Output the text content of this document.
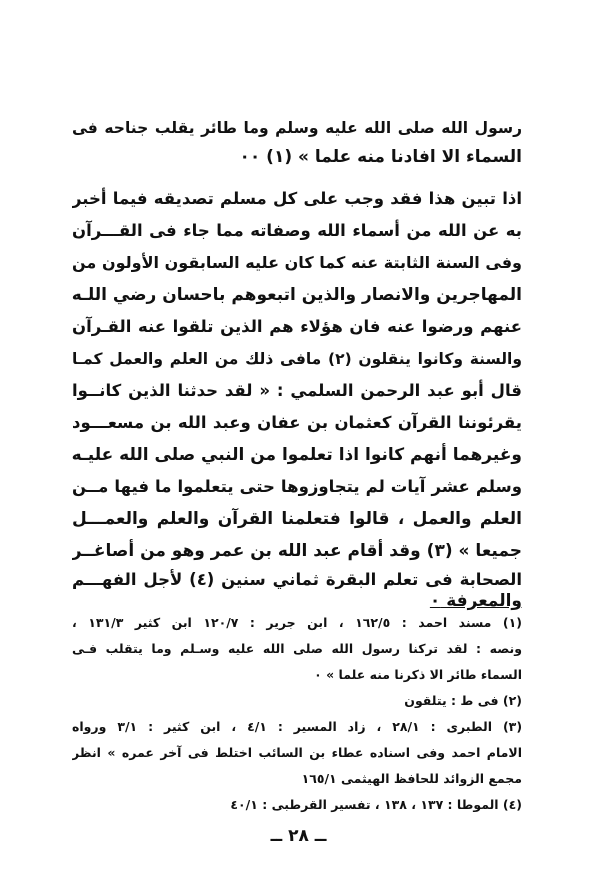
رسول الله صلى الله عليه وسلم وما طائر يقلب جناحه فى

السماء الا افادنا منه علما » (١) ٠٠

اذا تبين هذا فقد وجب على كل مسلم تصديقه فيما أخبر

به عن الله من أسماء الله وصفاته مما جاء فى القـــرآن

وفى السنة الثابتة عنه كما كان عليه السابقون الأولون من

المهاجرين والانصار والذين اتبعوهم باحسان رضي اللـه

عنهم ورضوا عنه فان هؤلاء هم الذين تلقوا عنه القـرآن

والسنة وكانوا ينقلون (٢) مافى ذلك من العلم والعمل كمـا

قال أبو عبد الرحمن السلمي : « لقد حدثنا الذين كانــوا

يقرئوننا القرآن كعثمان بن عفان وعبد الله بن مسعـــود

وغيرهما أنهم كانوا اذا تعلموا من النبي صلى الله عليـه

وسلم عشر آيات لم يتجاوزوها حتى يتعلموا ما فيها مــن

العلم والعمل ، قالوا فتعلمنا القرآن والعلم والعمـــل

جميعا » (٣) وقد أقام عبد الله بن عمر وهو من أصاغــر

الصحابة فى تعلم البقرة ثماني سنين (٤) لأجل الفهـــم

والمعرفة ٠

(١) مسند احمد : ١٦٢/٥ ، ابن جرير : ١٢٠/٧ ابن كثير ١٣١/٣ ،

ونصه : لقد تركنا رسول الله صلى الله عليه وسـلم وما يتقلب فـى

السماء طائر الا ذكرنا منه علما » ٠

(٢) فى ط : يتلقون

(٣) الطبرى : ٢٨/١ ، زاد المسير : ٤/١ ، ابن كثير : ٣/١ ورواه

الامام احمد وفى اسناده عطاء بن السائب اختلط فى آخر عمره » انظر

مجمع الزوائد للحافظ الهيثمى ١٦٥/١

(٤) الموطا : ١٣٧ ، ١٣٨ ، تفسير القرطبى : ٤٠/١

ــ ٢٨ ــ
